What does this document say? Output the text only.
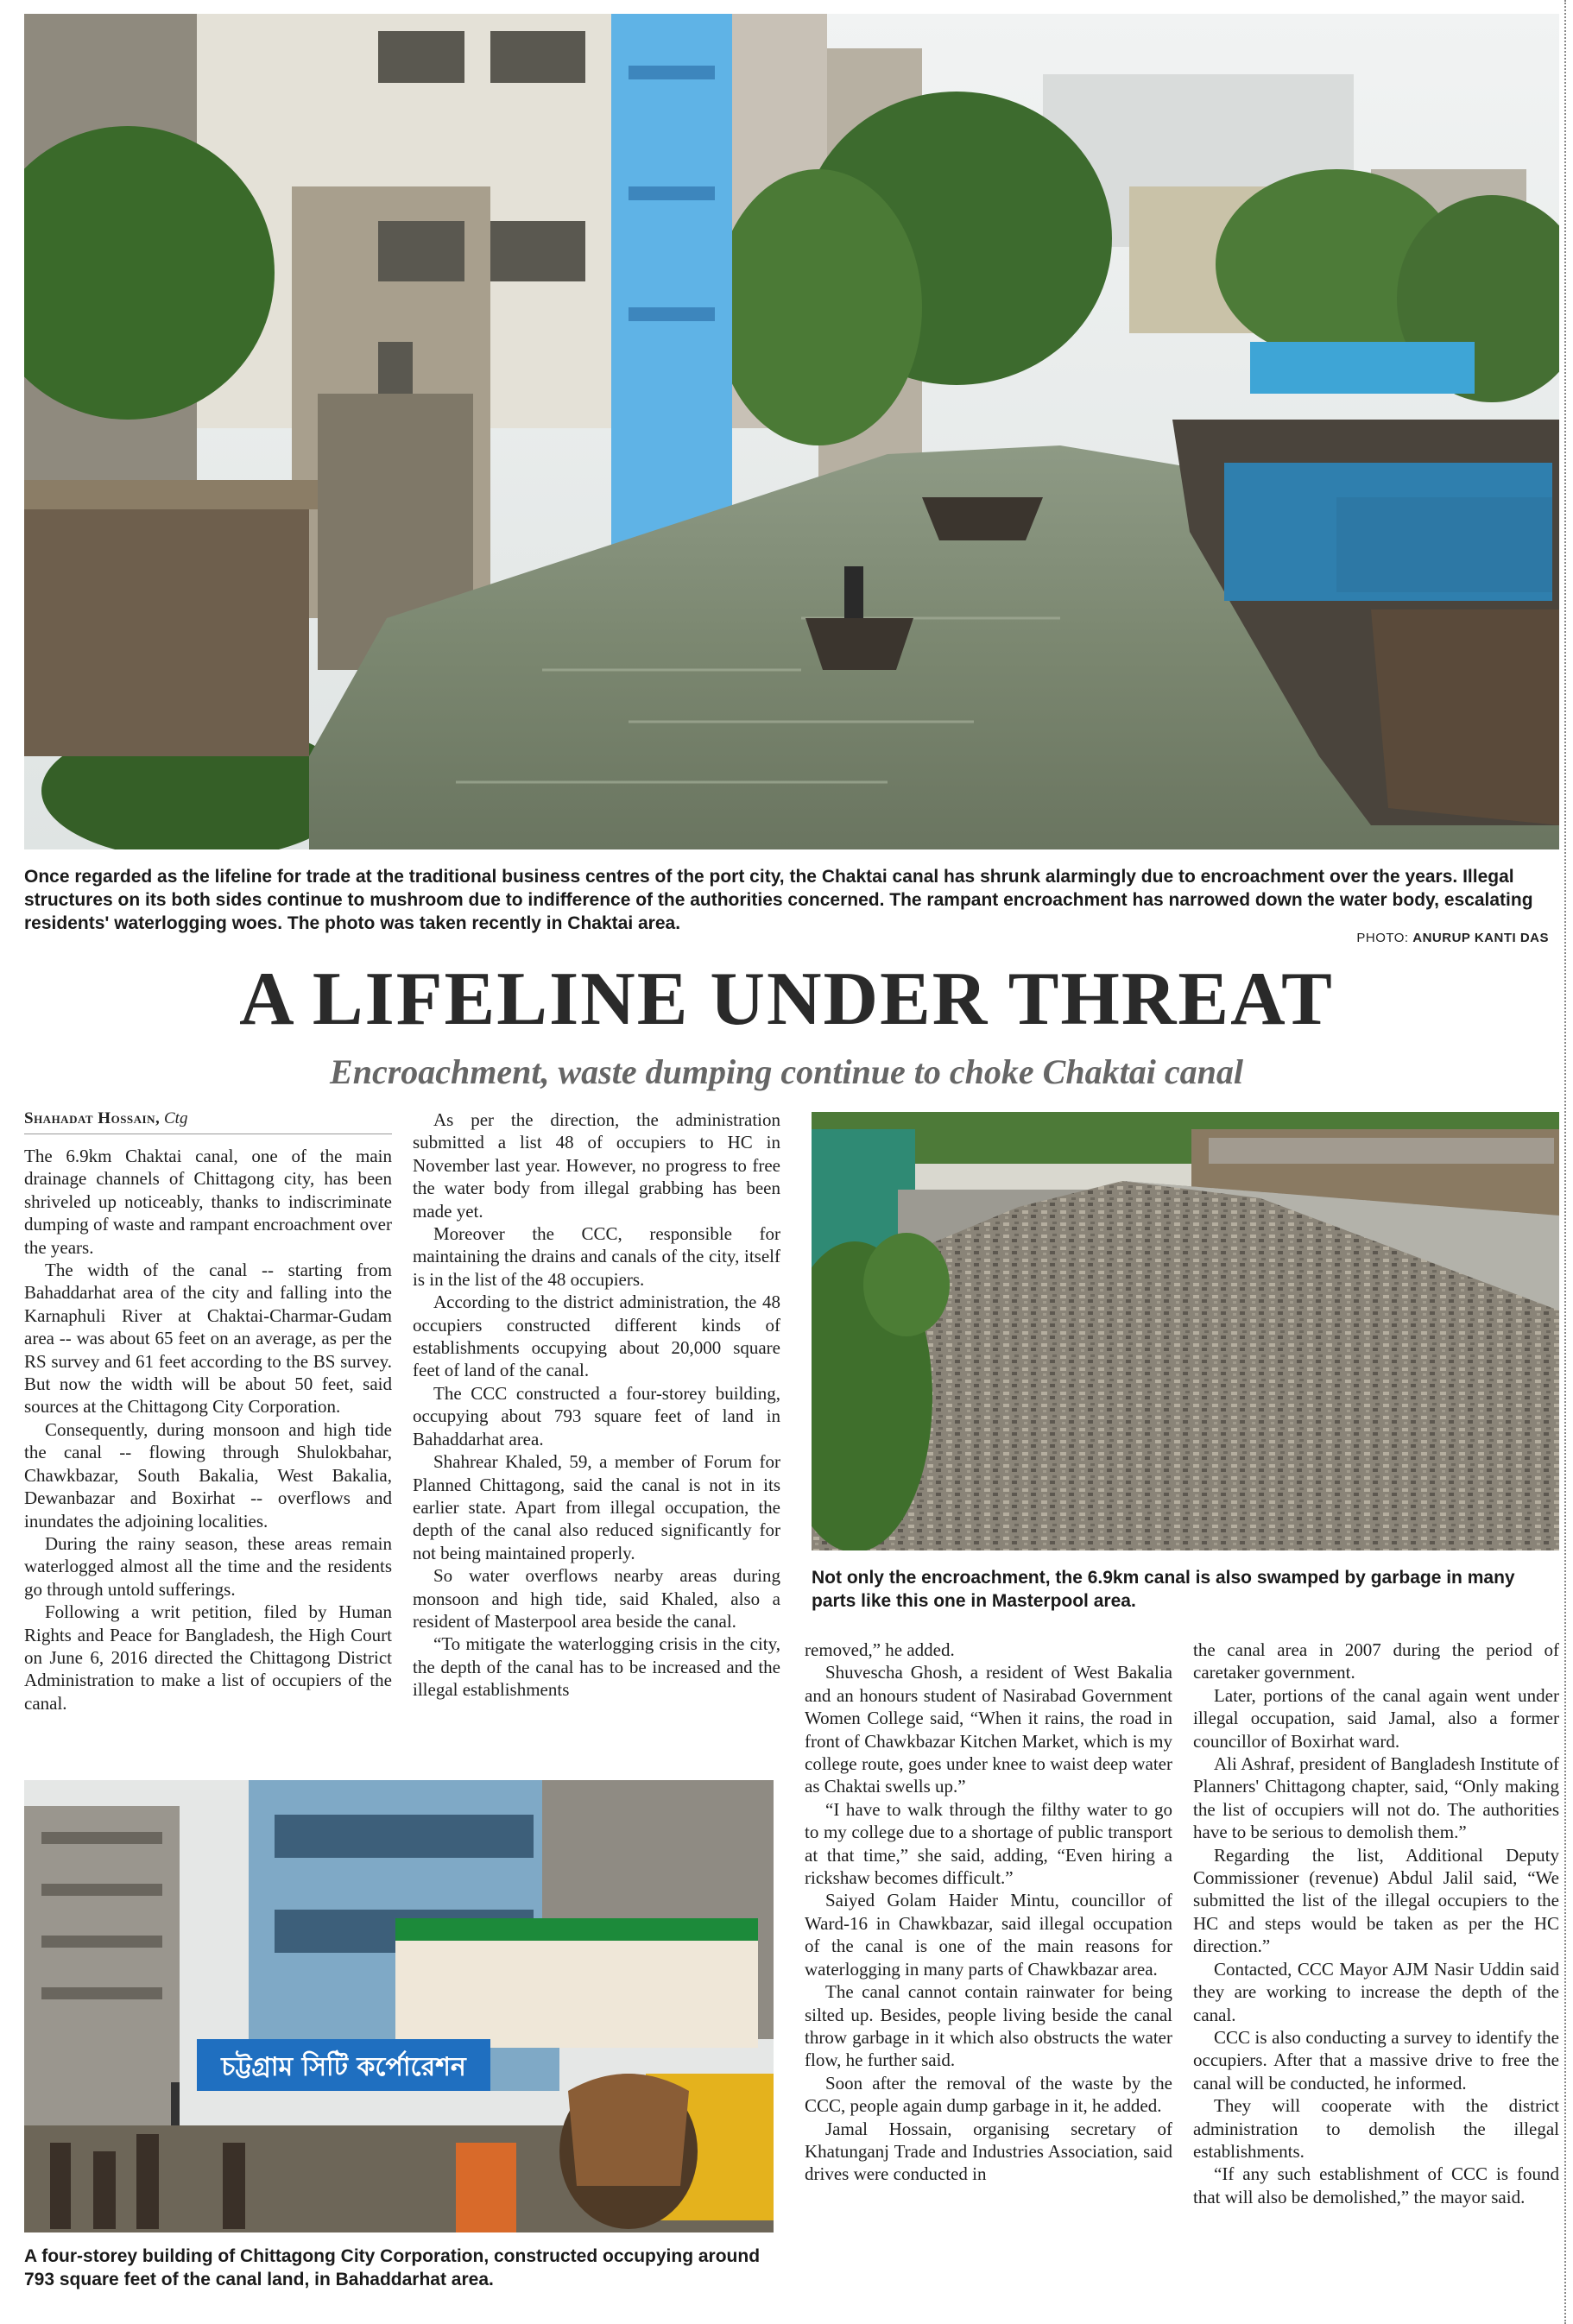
Once regarded as the lifeline for trade at the traditional business centres of the port city, the Chaktai canal has shrunk alarmingly due to encroachment over the years. Illegal structures on its both sides continue to mushroom due to indifference of the authorities concerned. The rampant encroachment has narrowed down the water body, escalating residents' waterlogging woes. The photo was taken recently in Chaktai area.
PHOTO: ANURUP KANTI DAS
A LIFELINE UNDER THREAT
Encroachment, waste dumping continue to choke Chaktai canal
Shahadat Hossain, Ctg

The 6.9km Chaktai canal, one of the main drainage channels of Chittagong city, has been shriveled up noticeably, thanks to indiscriminate dumping of waste and rampant encroachment over the years.

The width of the canal -- starting from Bahaddarhat area of the city and falling into the Karnaphuli River at Chaktai-Charmar-Gudam area -- was about 65 feet on an average, as per the RS survey and 61 feet according to the BS survey. But now the width will be about 50 feet, said sources at the Chittagong City Corporation.

Consequently, during monsoon and high tide the canal -- flowing through Shulokbahar, Chawkbazar, South Bakalia, West Bakalia, Dewanbazar and Boxirhat -- overflows and inundates the adjoining localities.

During the rainy season, these areas remain waterlogged almost all the time and the residents go through untold sufferings.

Following a writ petition, filed by Human Rights and Peace for Bangladesh, the High Court on June 6, 2016 directed the Chittagong District Administration to make a list of occupiers of the canal.

As per the direction, the administration submitted a list 48 of occupiers to HC in November last year. However, no progress to free the water body from illegal grabbing has been made yet.

Moreover the CCC, responsible for maintaining the drains and canals of the city, itself is in the list of the 48 occupiers.

According to the district administration, the 48 occupiers constructed different kinds of establishments occupying about 20,000 square feet of land of the canal.

The CCC constructed a four-storey building, occupying about 793 square feet of land in Bahaddarhat area.

Shahrear Khaled, 59, a member of Forum for Planned Chittagong, said the canal is not in its earlier state. Apart from illegal occupation, the depth of the canal also reduced significantly for not being maintained properly.

So water overflows nearby areas during monsoon and high tide, said Khaled, also a resident of Masterpool area beside the canal.

“To mitigate the waterlogging crisis in the city, the depth of the canal has to be increased and the illegal establishments

Not only the encroachment, the 6.9km canal is also swamped by garbage in many parts like this one in Masterpool area.
চট্টগ্রাম সিটি কর্পোরেশন
A four-storey building of Chittagong City Corporation, constructed occupying around 793 square feet of the canal land, in Bahaddarhat area.

removed,” he added.

Shuvescha Ghosh, a resident of West Bakalia and an honours student of Nasirabad Government Women College said, “When it rains, the road in front of Chawkbazar Kitchen Market, which is my college route, goes under knee to waist deep water as Chaktai swells up.”

“I have to walk through the filthy water to go to my college due to a shortage of public transport at that time,” she said, adding, “Even hiring a rickshaw becomes difficult.”

Saiyed Golam Haider Mintu, councillor of Ward-16 in Chawkbazar, said illegal occupation of the canal is one of the main reasons for waterlogging in many parts of Chawkbazar area.

The canal cannot contain rainwater for being silted up. Besides, people living beside the canal throw garbage in it which also obstructs the water flow, he further said.

Soon after the removal of the waste by the CCC, people again dump garbage in it, he added.

Jamal Hossain, organising secretary of Khatunganj Trade and Industries Association, said drives were conducted in

the canal area in 2007 during the period of caretaker government.

Later, portions of the canal again went under illegal occupation, said Jamal, also a former councillor of Boxirhat ward.

Ali Ashraf, president of Bangladesh Institute of Planners' Chittagong chapter, said, “Only making the list of occupiers will not do. The authorities have to be serious to demolish them.”

Regarding the list, Additional Deputy Commissioner (revenue) Abdul Jalil said, “We submitted the list of the illegal occupiers to the HC and steps would be taken as per the HC direction.”

Contacted, CCC Mayor AJM Nasir Uddin said they are working to increase the depth of the canal.

CCC is also conducting a survey to identify the occupiers. After that a massive drive to free the canal will be conducted, he informed.

They will cooperate with the district administration to demolish the illegal establishments.

“If any such establishment of CCC is found that will also be demolished,” the mayor said.
